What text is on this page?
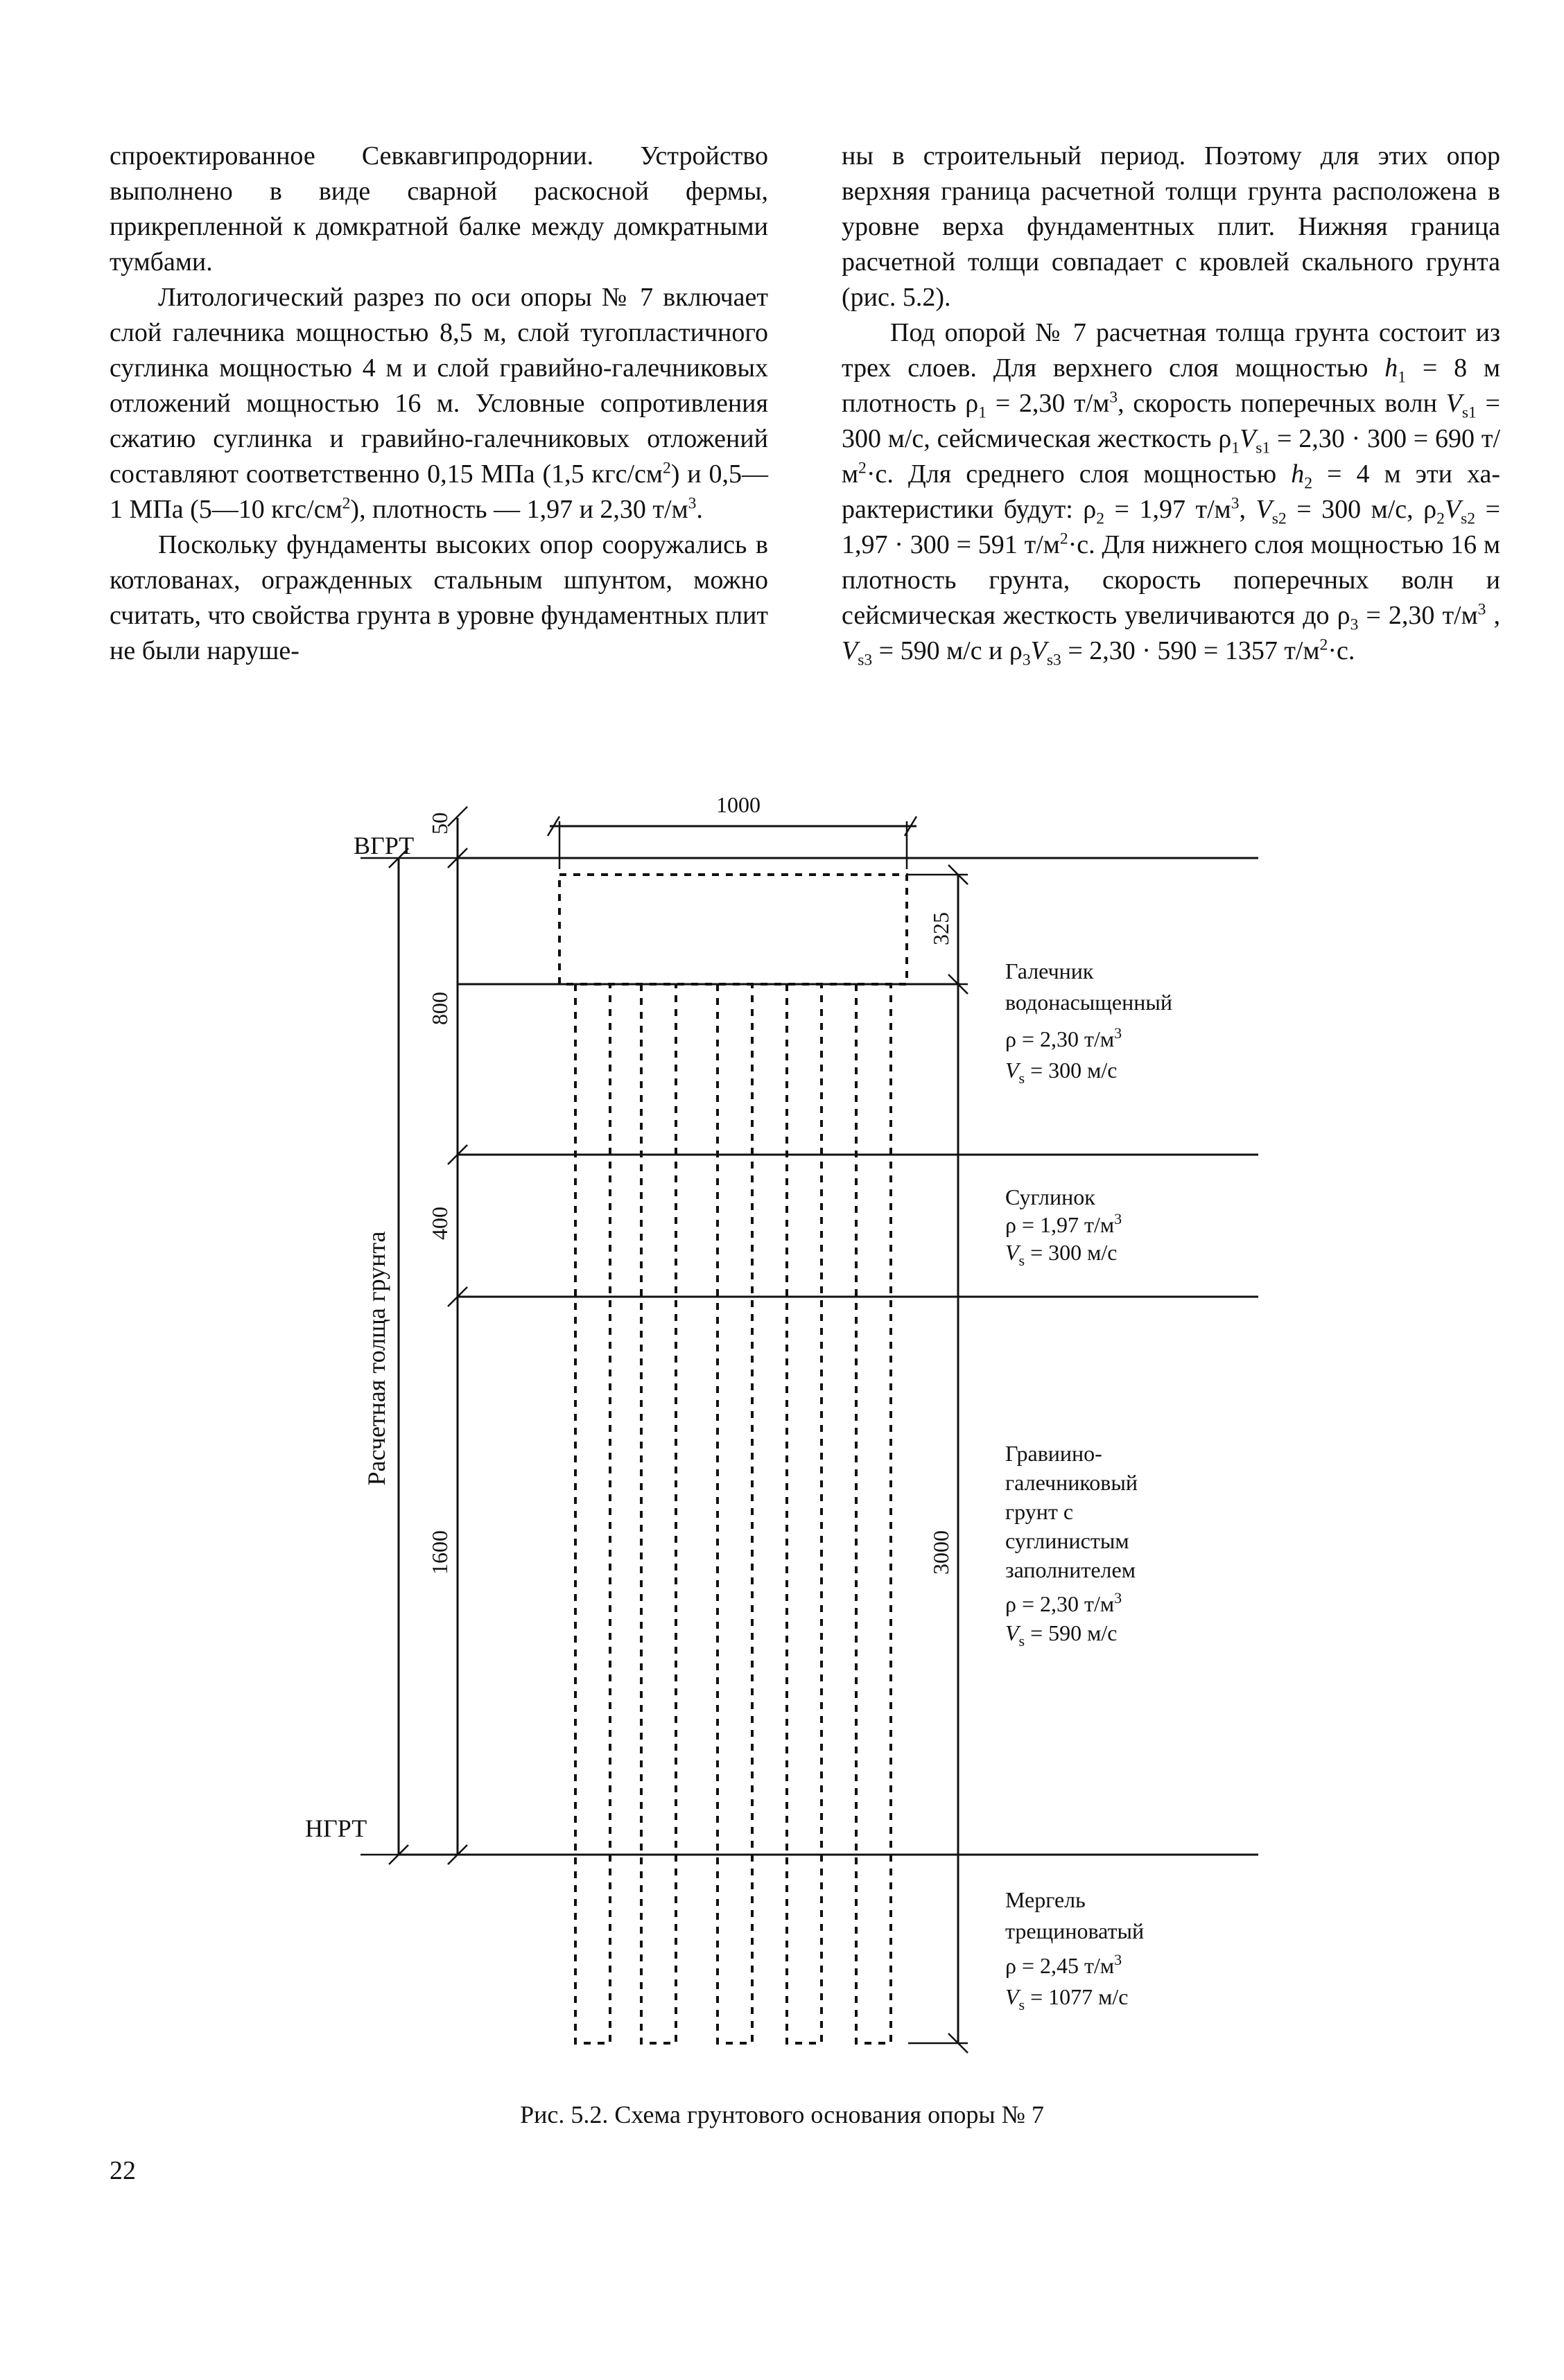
спроектированное Севкавгипродорнии. Устройство выполнено в виде сварной раскосной фермы, прикрепленной к домкратной балке между домкратными тумбами.

Литологический разрез по оси опоры № 7 включает слой галечника мощностью 8,5 м, слой тугопластичного суглинка мощностью 4 м и слой гравийно-галечниковых отложений мощностью 16 м. Условные сопротивления сжатию суглинка и гравийно-галечниковых отложений составляют соответственно 0,15 МПа (1,5 кгс/$см^2$) и 0,5—1 МПа (5—10 кгс/$см^2$), плотность — 1,97 и 2,30 $т/м^3$.

Поскольку фундаменты высоких опор сооружались в котлованах, огражденных стальным шпунтом, можно считать, что свойства грунта в уровне фундаментных плит не были наруше-

ны в строительный период. Поэтому для этих опор верхняя граница расчетной толщи грунта расположена в уровне верха фундаментных плит. Нижняя граница расчетной толщи совпадает с кровлей скального грунта (рис. 5.2).

Под опорой № 7 расчетная толща грунта состоит из трех слоев. Для верхнего слоя мощностью $h_1 = 8$ м плотность $\rho_1 = 2,30$ $т/м^3$, скорость поперечных волн $V_{s1} = 300$ м/с, сейсмическая жесткость $\rho_1V_{s1} = 2,30 \cdot 300 = 690$ $т/м^2\cdot с$. Для среднего слоя мощностью $h_2 = 4$ м эти характеристики будут: $\rho_2 = 1,97$ $т/м^3$, $V_{s2} = 300$ м/с, $\rho_2V_{s2} = 1,97 \cdot 300 = 591$ $т/м^2\cdot с$. Для нижнего слоя мощностью 16 м плотность грунта, скорость поперечных волн и сейсмическая жесткость увеличиваются до $\rho_3 = 2,30$ $т/м^3$ , $V_{s3} = 590$ м/с и $\rho_3V_{s3} = 2,30 \cdot 590 = 1357$ $т/м^2\cdot с$.

ВГРТ
НГРТ
Расчетная толща грунта
50
800
400
1600
325
3000
1000
Галечник
водонасыщенный
ρ = 2,30 $т/м^3$
$V_s = 300$ м/с
Суглинок
ρ = 1,97 $т/м^3$
$V_s = 300$ м/с
Гравиино-
галечниковый
грунт с
суглинистым
заполнителем
ρ = 2,30 $т/м^3$
$V_s = 590$ м/с
Мергель
трещиноватый
ρ = 2,45 $т/м^3$
$V_s = 1077$ м/с
Рис. 5.2. Схема грунтового основания опоры № 7
22
